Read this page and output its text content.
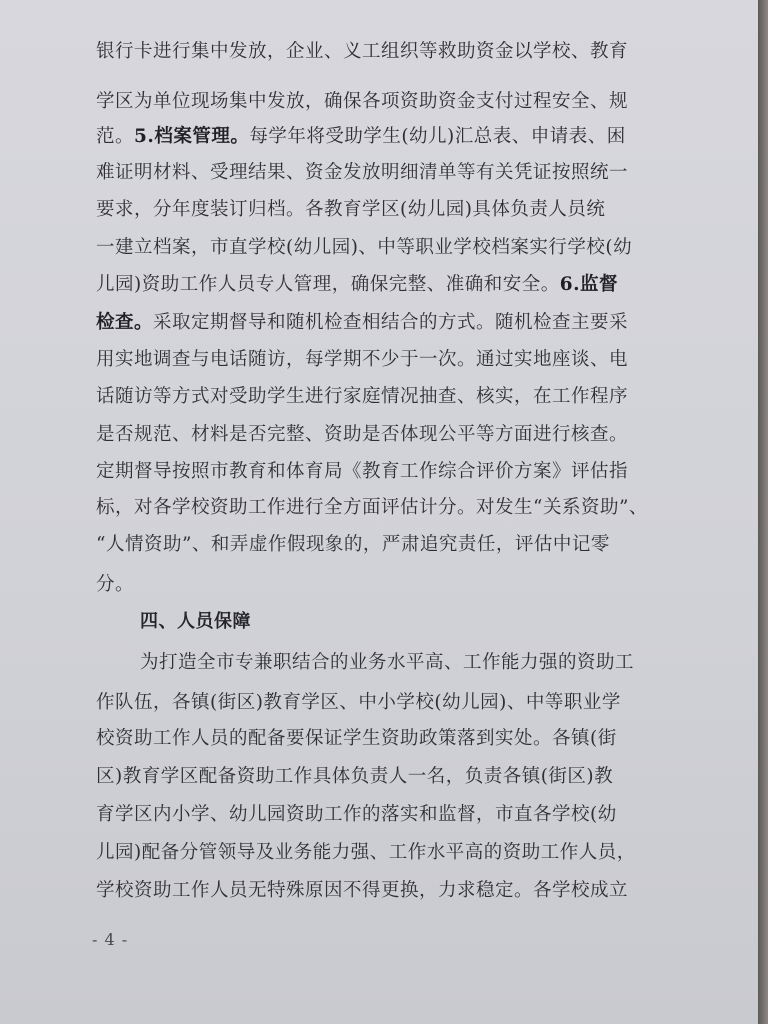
银行卡进行集中发放，企业、义工组织等救助资金以学校、教育
学区为单位现场集中发放，确保各项资助资金支付过程安全、规
范。5.档案管理。每学年将受助学生(幼儿)汇总表、申请表、困
难证明材料、受理结果、资金发放明细清单等有关凭证按照统一
要求，分年度装订归档。各教育学区(幼儿园)具体负责人员统
一建立档案，市直学校(幼儿园)、中等职业学校档案实行学校(幼
儿园)资助工作人员专人管理，确保完整、准确和安全。6.监督
检查。采取定期督导和随机检查相结合的方式。随机检查主要采
用实地调查与电话随访，每学期不少于一次。通过实地座谈、电
话随访等方式对受助学生进行家庭情况抽查、核实，在工作程序
是否规范、材料是否完整、资助是否体现公平等方面进行核查。
定期督导按照市教育和体育局《教育工作综合评价方案》评估指
标，对各学校资助工作进行全方面评估计分。对发生“关系资助”、
“人情资助”、和弄虚作假现象的，严肃追究责任，评估中记零
分。
四、人员保障
为打造全市专兼职结合的业务水平高、工作能力强的资助工
作队伍，各镇(街区)教育学区、中小学校(幼儿园)、中等职业学
校资助工作人员的配备要保证学生资助政策落到实处。各镇(街
区)教育学区配备资助工作具体负责人一名，负责各镇(街区)教
育学区内小学、幼儿园资助工作的落实和监督，市直各学校(幼
儿园)配备分管领导及业务能力强、工作水平高的资助工作人员，
学校资助工作人员无特殊原因不得更换，力求稳定。各学校成立
- 4 -
